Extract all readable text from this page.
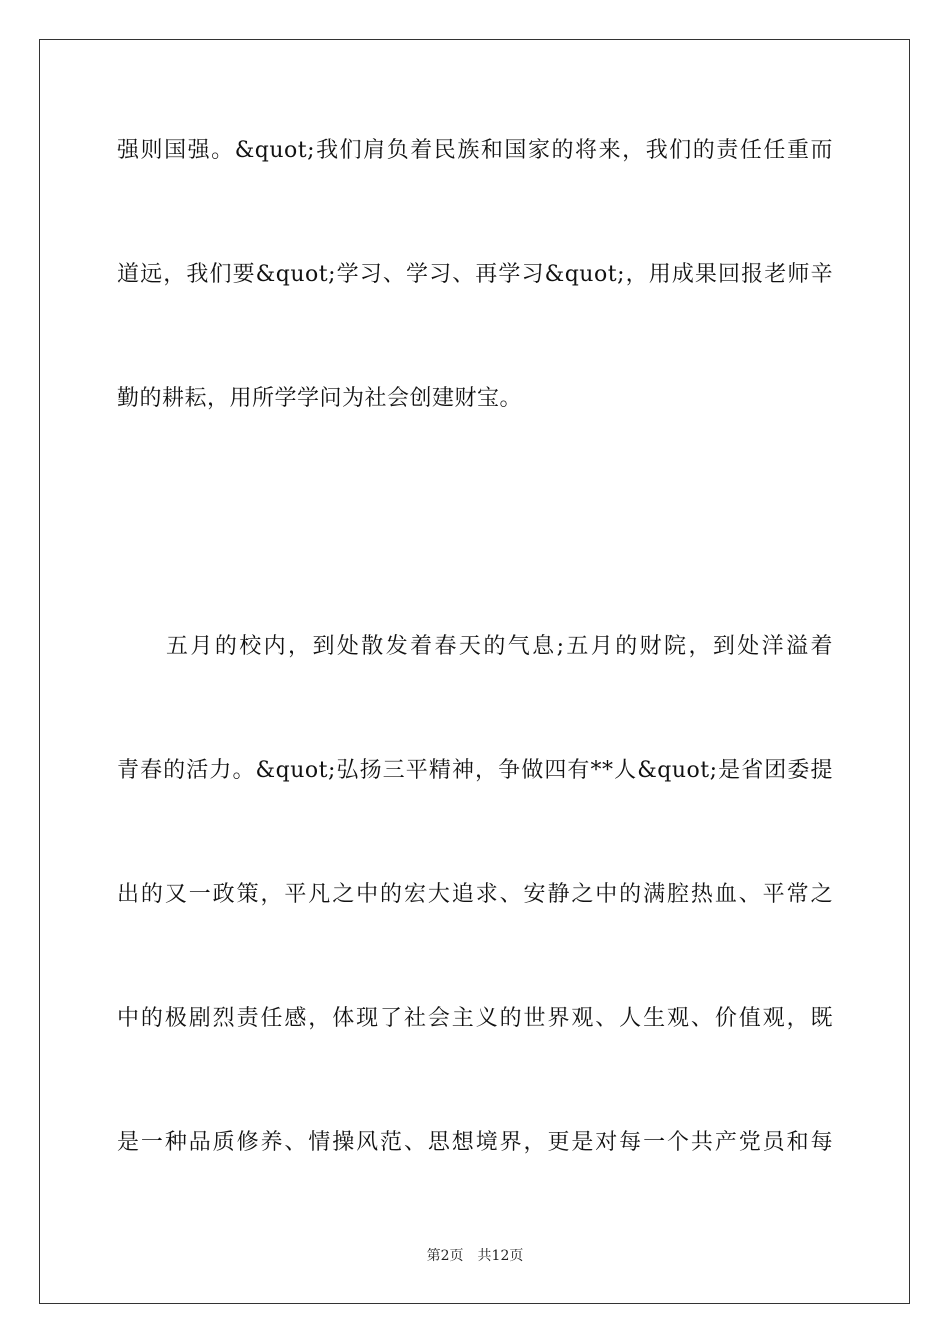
强则国强。&quot;我们肩负着民族和国家的将来，我们的责任任重而
道远，我们要&quot;学习、学习、再学习&quot;，用成果回报老师辛
勤的耕耘，用所学学问为社会创建财宝。
五月的校内，到处散发着春天的气息;五月的财院，到处洋溢着
青春的活力。&quot;弘扬三平精神，争做四有**人&quot;是省团委提
出的又一政策，平凡之中的宏大追求、安静之中的满腔热血、平常之
中的极剧烈责任感，体现了社会主义的世界观、人生观、价值观，既
是一种品质修养、情操风范、思想境界，更是对每一个共产党员和每
第2页 共12页
